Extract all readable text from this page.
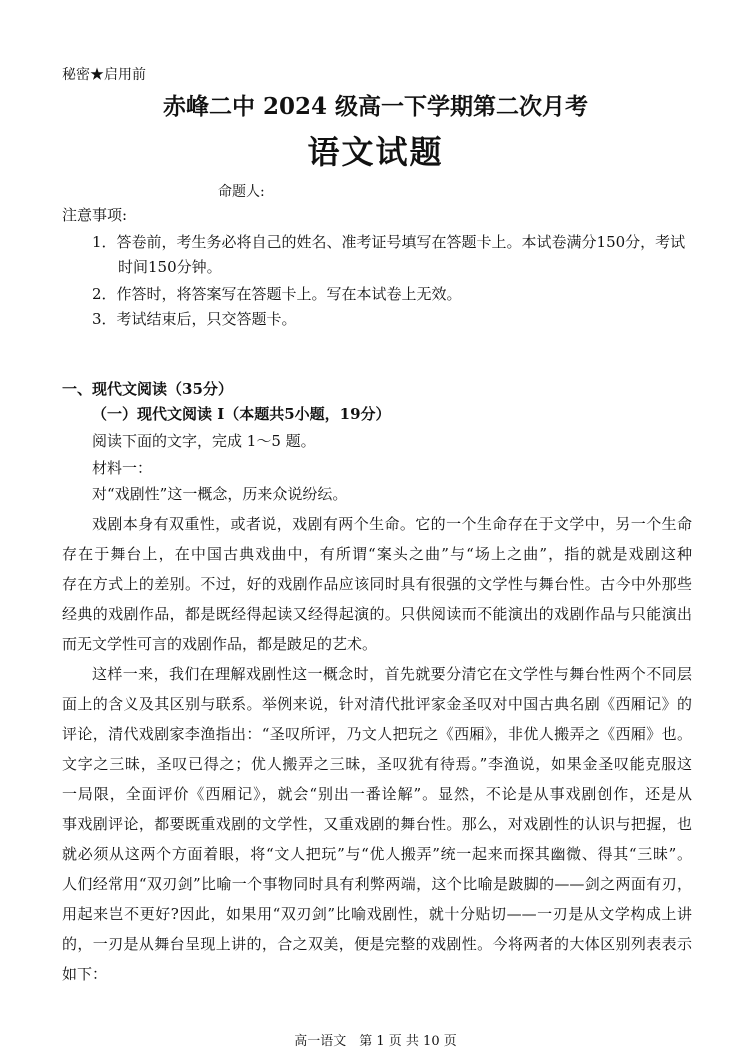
秘密★启用前
赤峰二中 2024 级高一下学期第二次月考
语文试题
命题人:
注意事项:
1．答卷前，考生务必将自己的姓名、准考证号填写在答题卡上。本试卷满分150分，考试
时间150分钟。
2．作答时，将答案写在答题卡上。写在本试卷上无效。
3．考试结束后，只交答题卡。
一、现代文阅读（35分）
（一）现代文阅读 I（本题共5小题，19分）
阅读下面的文字，完成 1～5 题。
材料一：
对“戏剧性”这一概念，历来众说纷纭。
戏剧本身有双重性，或者说，戏剧有两个生命。它的一个生命存在于文学中，另一个生命
存在于舞台上，在中国古典戏曲中，有所谓“案头之曲”与“场上之曲”，指的就是戏剧这种
存在方式上的差别。不过，好的戏剧作品应该同时具有很强的文学性与舞台性。古今中外那些
经典的戏剧作品，都是既经得起读又经得起演的。只供阅读而不能演出的戏剧作品与只能演出
而无文学性可言的戏剧作品，都是跛足的艺术。
这样一来，我们在理解戏剧性这一概念时，首先就要分清它在文学性与舞台性两个不同层
面上的含义及其区别与联系。举例来说，针对清代批评家金圣叹对中国古典名剧《西厢记》的
评论，清代戏剧家李渔指出：“圣叹所评，乃文人把玩之《西厢》，非优人搬弄之《西厢》也。
文字之三昧，圣叹已得之；优人搬弄之三昧，圣叹犹有待焉。”李渔说，如果金圣叹能克服这
一局限，全面评价《西厢记》，就会“别出一番诠解”。显然，不论是从事戏剧创作，还是从
事戏剧评论，都要既重戏剧的文学性，又重戏剧的舞台性。那么，对戏剧性的认识与把握，也
就必须从这两个方面着眼，将“文人把玩”与“优人搬弄”统一起来而探其幽微、得其“三昧”。
人们经常用“双刃剑”比喻一个事物同时具有利弊两端，这个比喻是跛脚的——剑之两面有刃，
用起来岂不更好?因此，如果用“双刃剑”比喻戏剧性，就十分贴切——一刃是从文学构成上讲
的，一刃是从舞台呈现上讲的，合之双美，便是完整的戏剧性。今将两者的大体区别列表表示
如下：
高一语文　第 1 页 共 10 页
